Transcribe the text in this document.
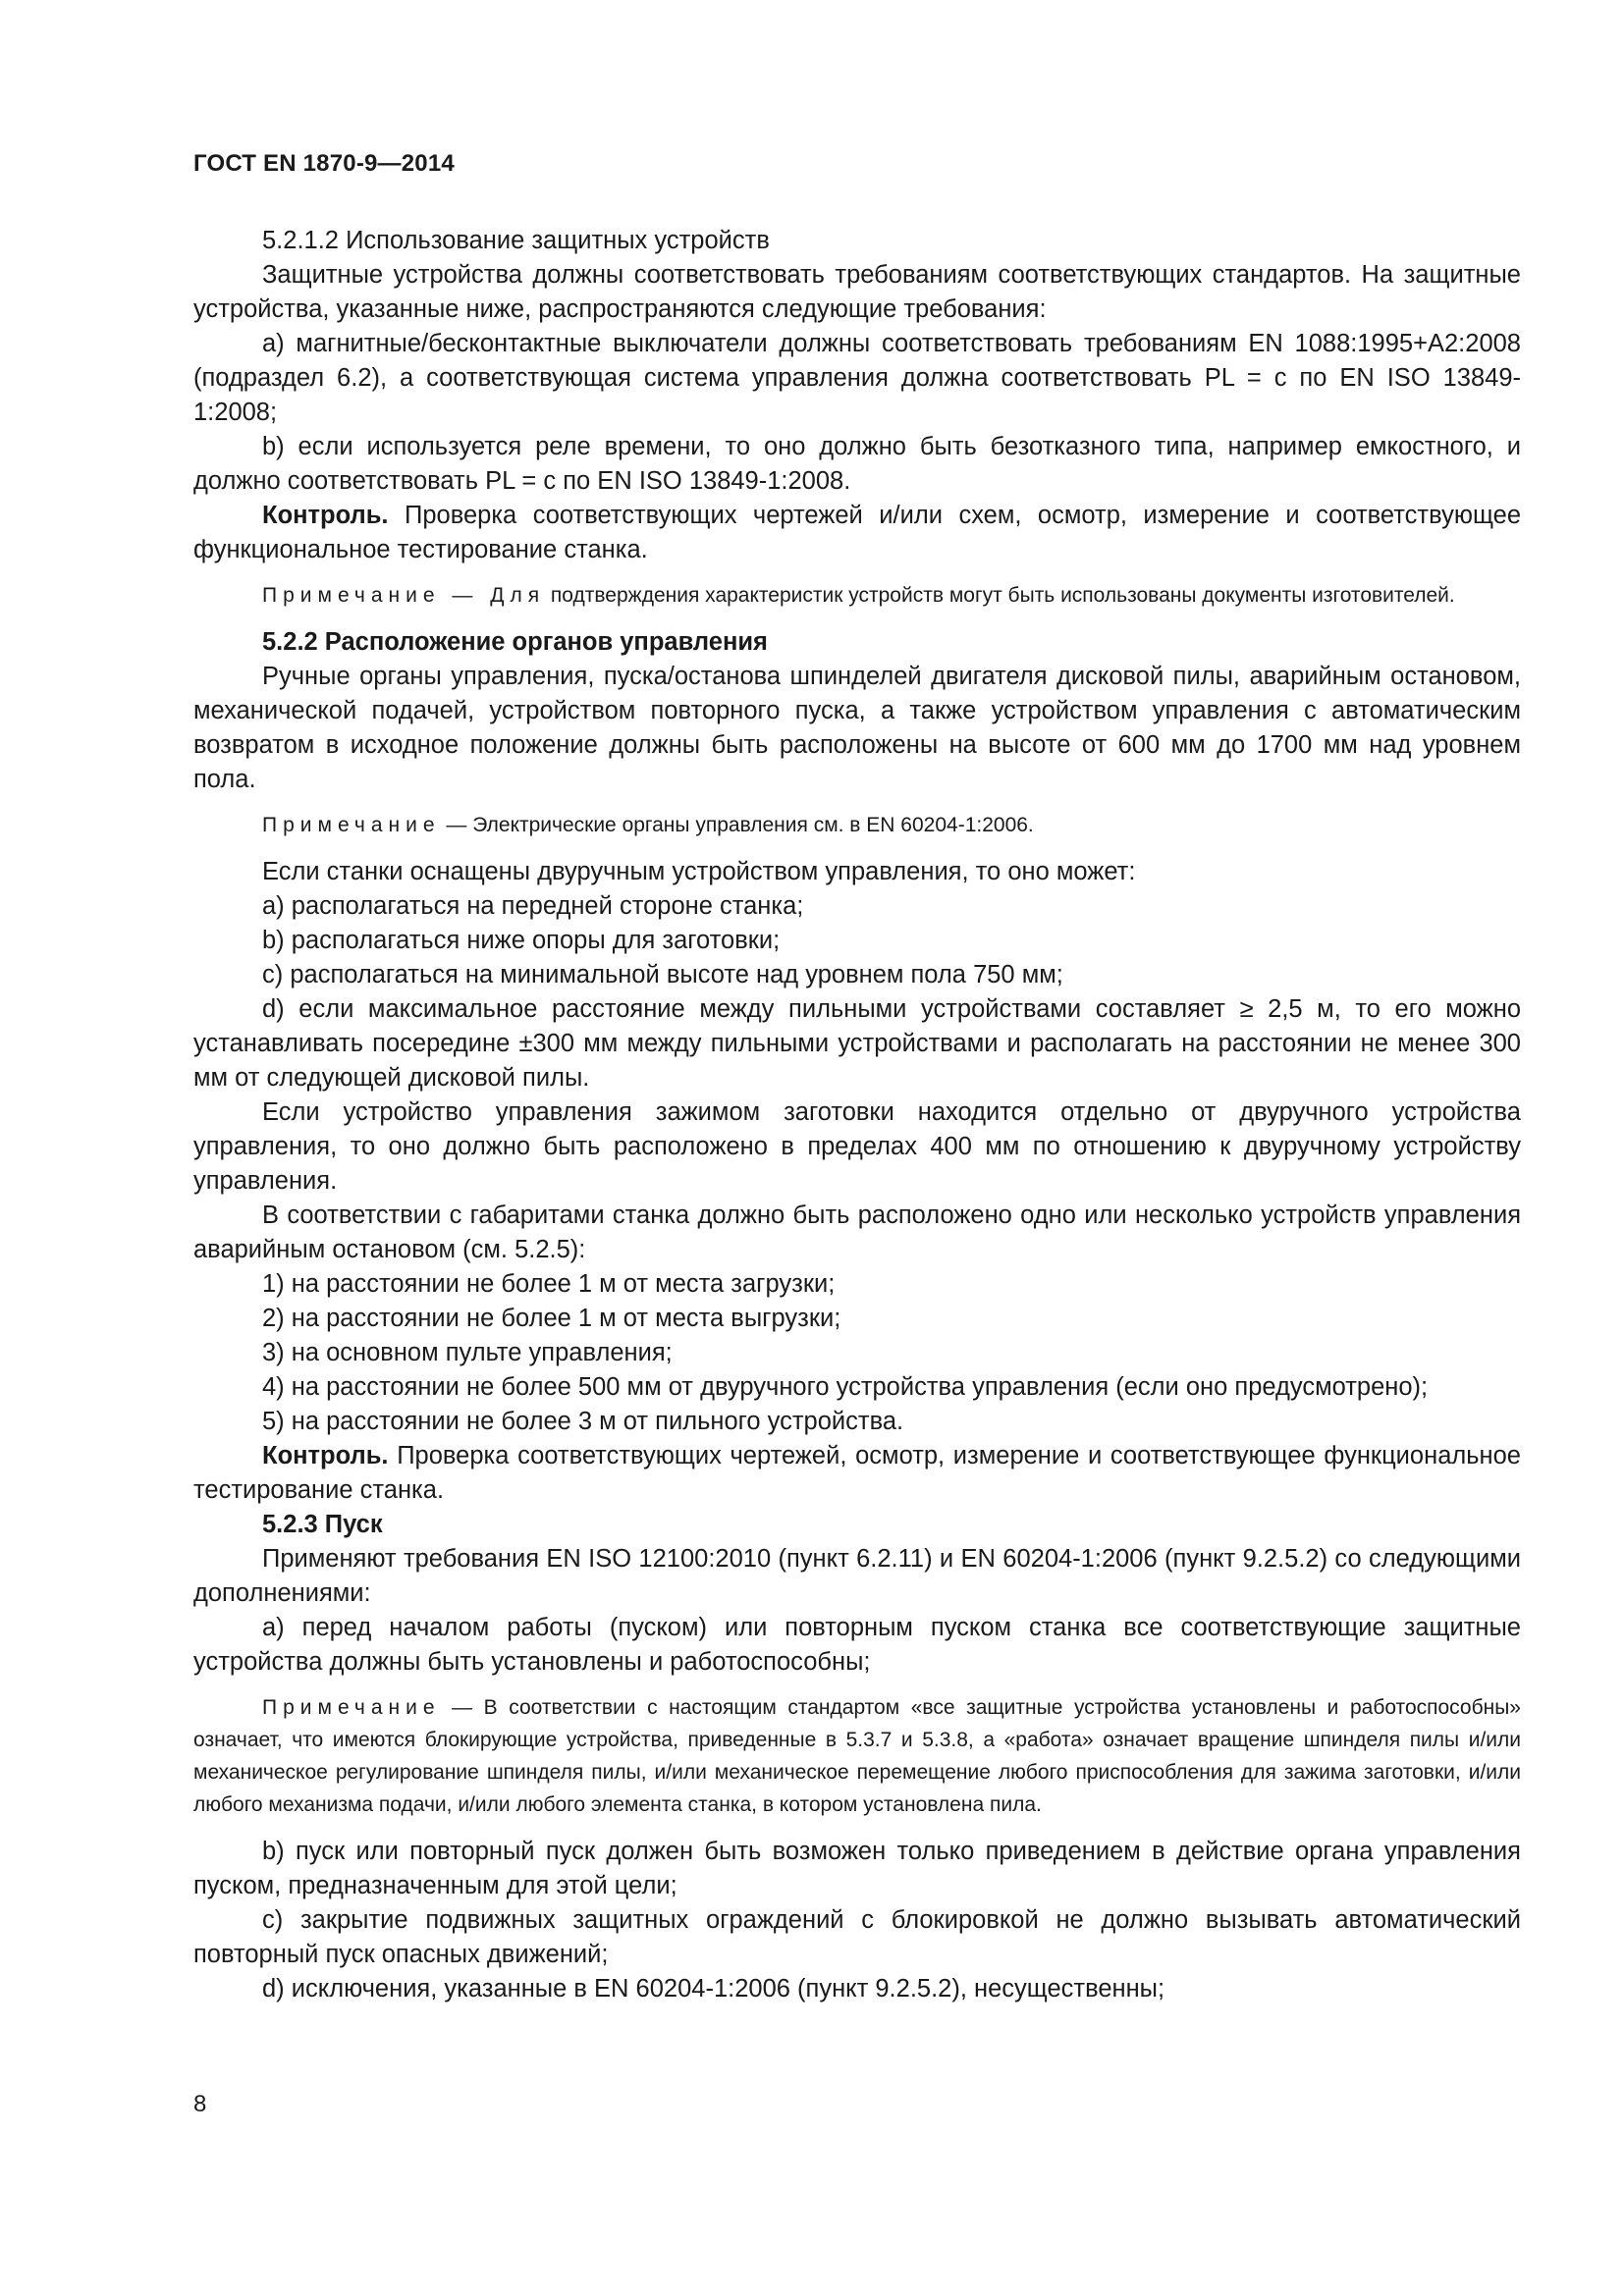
ГОСТ EN 1870-9—2014

5.2.1.2 Использование защитных устройств

Защитные устройства должны соответствовать требованиям соответствующих стандартов. На защитные устройства, указанные ниже, распространяются следующие требования:

а) магнитные/бесконтактные выключатели должны соответствовать требованиям EN 1088:1995+A2:2008 (подраздел 6.2), а соответствующая система управления должна соответствовать PL = c по EN ISO 13849-1:2008;

b) если используется реле времени, то оно должно быть безотказного типа, например емкостного, и должно соответствовать PL = c по EN ISO 13849-1:2008.

Контроль. Проверка соответствующих чертежей и/или схем, осмотр, измерение и соответствующее функциональное тестирование станка.

Примечание — Для подтверждения характеристик устройств могут быть использованы документы изготовителей.

5.2.2 Расположение органов управления

Ручные органы управления, пуска/останова шпинделей двигателя дисковой пилы, аварийным остановом, механической подачей, устройством повторного пуска, а также устройством управления с автоматическим возвратом в исходное положение должны быть расположены на высоте от 600 мм до 1700 мм над уровнем пола.

Примечание — Электрические органы управления см. в EN 60204-1:2006.

Если станки оснащены двуручным устройством управления, то оно может:

а) располагаться на передней стороне станка;

b) располагаться ниже опоры для заготовки;

с) располагаться на минимальной высоте над уровнем пола 750 мм;

d) если максимальное расстояние между пильными устройствами составляет ≥ 2,5 м, то его можно устанавливать посередине ±300 мм между пильными устройствами и располагать на расстоянии не менее 300 мм от следующей дисковой пилы.

Если устройство управления зажимом заготовки находится отдельно от двуручного устройства управления, то оно должно быть расположено в пределах 400 мм по отношению к двуручному устройству управления.

В соответствии с габаритами станка должно быть расположено одно или несколько устройств управления аварийным остановом (см. 5.2.5):

1) на расстоянии не более 1 м от места загрузки;

2) на расстоянии не более 1 м от места выгрузки;

3) на основном пульте управления;

4) на расстоянии не более 500 мм от двуручного устройства управления (если оно предусмотрено);

5) на расстоянии не более 3 м от пильного устройства.

Контроль. Проверка соответствующих чертежей, осмотр, измерение и соответствующее функциональное тестирование станка.

5.2.3 Пуск

Применяют требования EN ISO 12100:2010 (пункт 6.2.11) и EN 60204-1:2006 (пункт 9.2.5.2) со следующими дополнениями:

а) перед началом работы (пуском) или повторным пуском станка все соответствующие защитные устройства должны быть установлены и работоспособны;

Примечание — В соответствии с настоящим стандартом «все защитные устройства установлены и работоспособны» означает, что имеются блокирующие устройства, приведенные в 5.3.7 и 5.3.8, а «работа» означает вращение шпинделя пилы и/или механическое регулирование шпинделя пилы, и/или механическое перемещение любого приспособления для зажима заготовки, и/или любого механизма подачи, и/или любого элемента станка, в котором установлена пила.

b) пуск или повторный пуск должен быть возможен только приведением в действие органа управления пуском, предназначенным для этой цели;

с) закрытие подвижных защитных ограждений с блокировкой не должно вызывать автоматический повторный пуск опасных движений;

d) исключения, указанные в EN 60204-1:2006 (пункт 9.2.5.2), несущественны;

8
